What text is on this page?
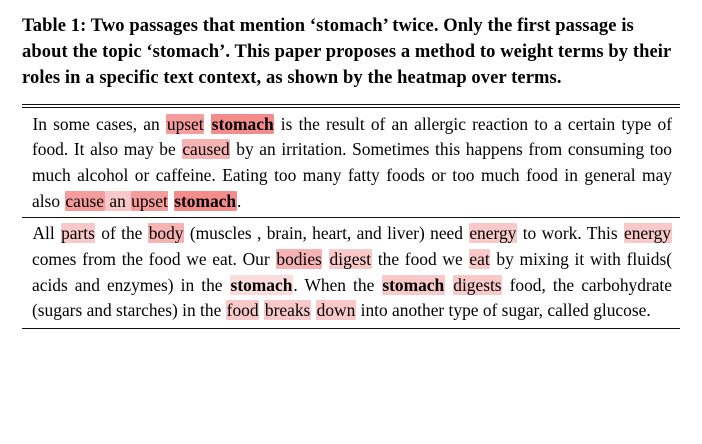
Table 1: Two passages that mention ‘stomach’ twice. Only the first passage is about the topic ‘stomach’. This paper proposes a method to weight terms by their roles in a specific text context, as shown by the heatmap over terms.
In some cases, an upset stomach is the result of an allergic reaction to a certain type of food. It also may be caused by an irritation. Sometimes this happens from consuming too much alcohol or caffeine. Eating too many fatty foods or too much food in general may also cause an upset stomach.
All parts of the body (muscles , brain, heart, and liver) need energy to work. This energy comes from the food we eat. Our bodies digest the food we eat by mixing it with fluids( acids and enzymes) in the stomach. When the stomach digests food, the carbohydrate (sugars and starches) in the food breaks down into another type of sugar, called glucose.
